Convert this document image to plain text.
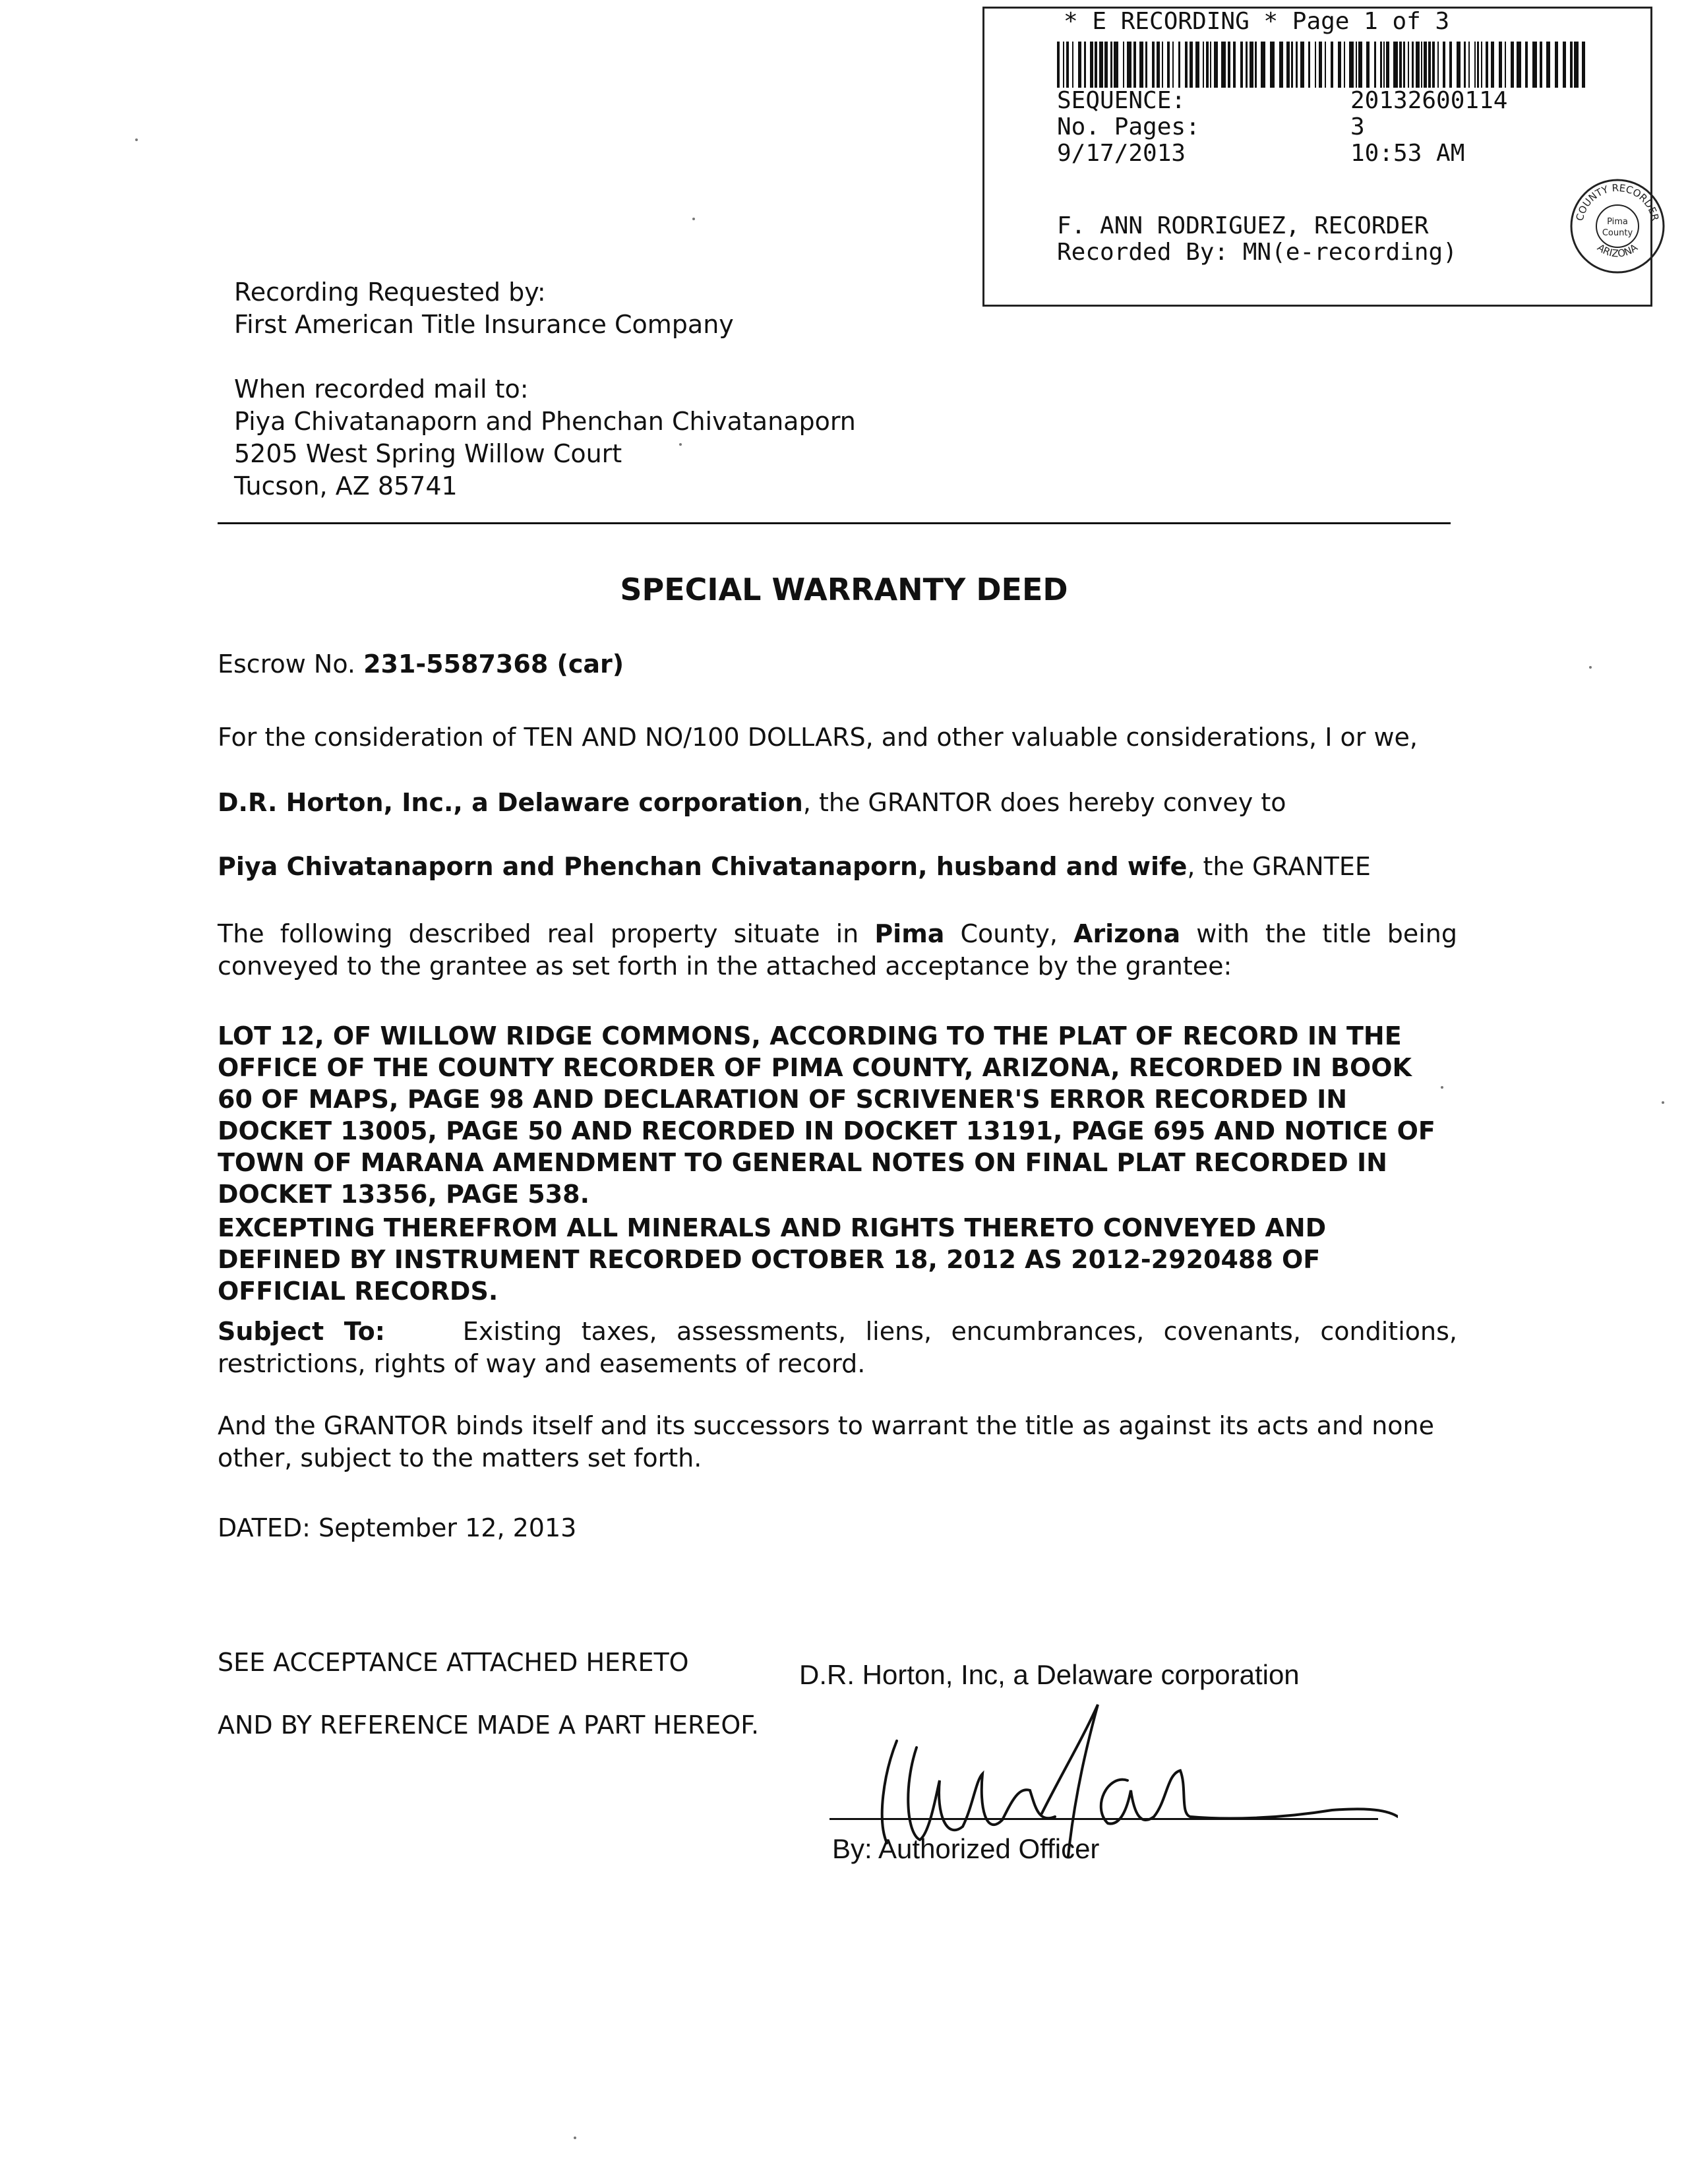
* E RECORDING * Page 1 of 3
SEQUENCE:	20132600114
No. Pages:	3
9/17/2013	10:53 AM
F. ANN RODRIGUEZ, RECORDER
Recorded By: MN(e-recording)
COUNTY RECORDER
ARIZONA
Pima
County
Recording Requested by:
First American Title Insurance Company
When recorded mail to:
Piya Chivatanaporn and Phenchan Chivatanaporn
5205 West Spring Willow Court
Tucson, AZ 85741
SPECIAL WARRANTY DEED
Escrow No. 231-5587368 (car)
For the consideration of TEN AND NO/100 DOLLARS, and other valuable considerations, I or we,
D.R. Horton, Inc., a Delaware corporation, the GRANTOR does hereby convey to
Piya Chivatanaporn and Phenchan Chivatanaporn, husband and wife, the GRANTEE
The following described real property situate in Pima County, Arizona with the title being conveyed to the grantee as set forth in the attached acceptance by the grantee:
LOT 12, OF WILLOW RIDGE COMMONS, ACCORDING TO THE PLAT OF RECORD IN THE OFFICE OF THE COUNTY RECORDER OF PIMA COUNTY, ARIZONA, RECORDED IN BOOK 60 OF MAPS, PAGE 98 AND DECLARATION OF SCRIVENER'S ERROR RECORDED IN DOCKET 13005, PAGE 50 AND RECORDED IN DOCKET 13191, PAGE 695 AND NOTICE OF TOWN OF MARANA AMENDMENT TO GENERAL NOTES ON FINAL PLAT RECORDED IN DOCKET 13356, PAGE 538.
EXCEPTING THEREFROM ALL MINERALS AND RIGHTS THERETO CONVEYED AND DEFINED BY INSTRUMENT RECORDED OCTOBER 18, 2012 AS 2012-2920488 OF OFFICIAL RECORDS.
Subject To:	Existing taxes, assessments, liens, encumbrances, covenants, conditions, restrictions, rights of way and easements of record.
And the GRANTOR binds itself and its successors to warrant the title as against its acts and none other, subject to the matters set forth.
DATED: September 12, 2013
SEE ACCEPTANCE ATTACHED HERETO
AND BY REFERENCE MADE A PART HEREOF.
D.R. Horton, Inc, a Delaware corporation
By: Authorized Officer
